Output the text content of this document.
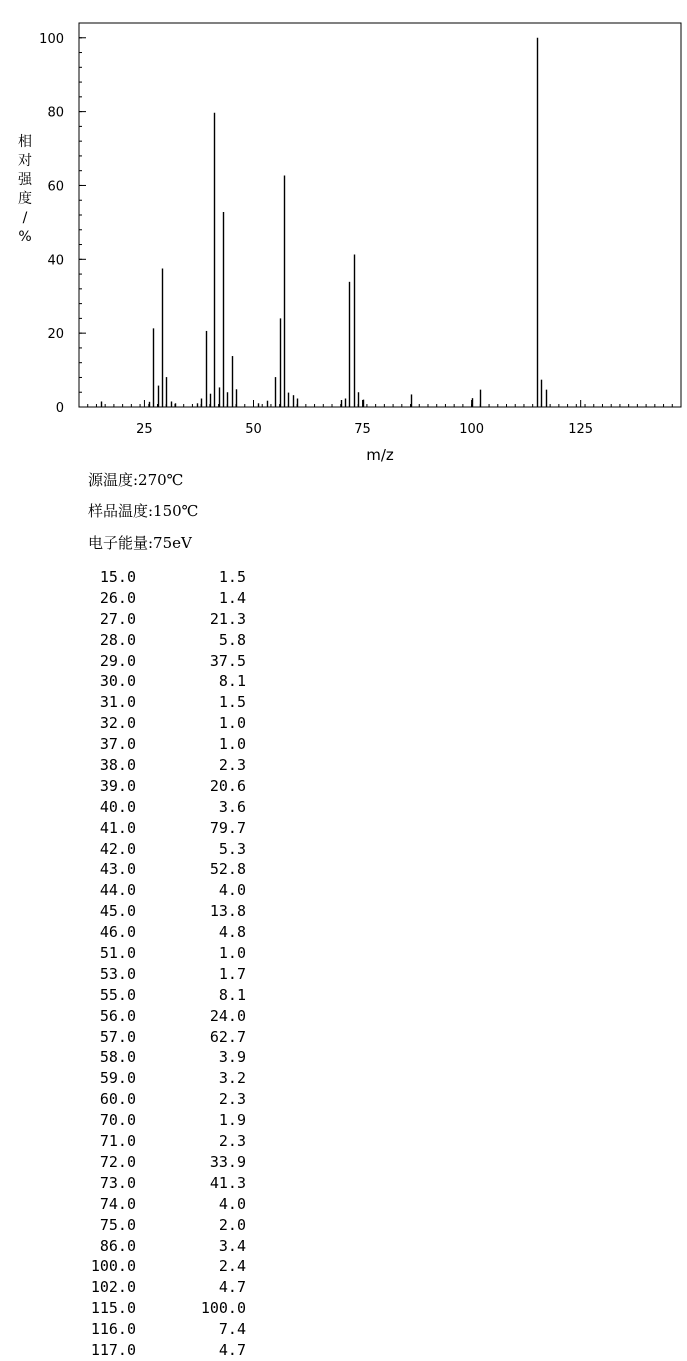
0
20
40
60
80
100
25	50	75	100	125
m/z
相
对
强
度
/
%
源温度:270℃
样品温度:150℃
电子能量:75eV
15.0	1.5
26.0	1.4
27.0	21.3
28.0	5.8
29.0	37.5
30.0	8.1
31.0	1.5
32.0	1.0
37.0	1.0
38.0	2.3
39.0	20.6
40.0	3.6
41.0	79.7
42.0	5.3
43.0	52.8
44.0	4.0
45.0	13.8
46.0	4.8
51.0	1.0
53.0	1.7
55.0	8.1
56.0	24.0
57.0	62.7
58.0	3.9
59.0	3.2
60.0	2.3
70.0	1.9
71.0	2.3
72.0	33.9
73.0	41.3
74.0	4.0
75.0	2.0
86.0	3.4
100.0	2.4
102.0	4.7
115.0	100.0
116.0	7.4
117.0	4.7
